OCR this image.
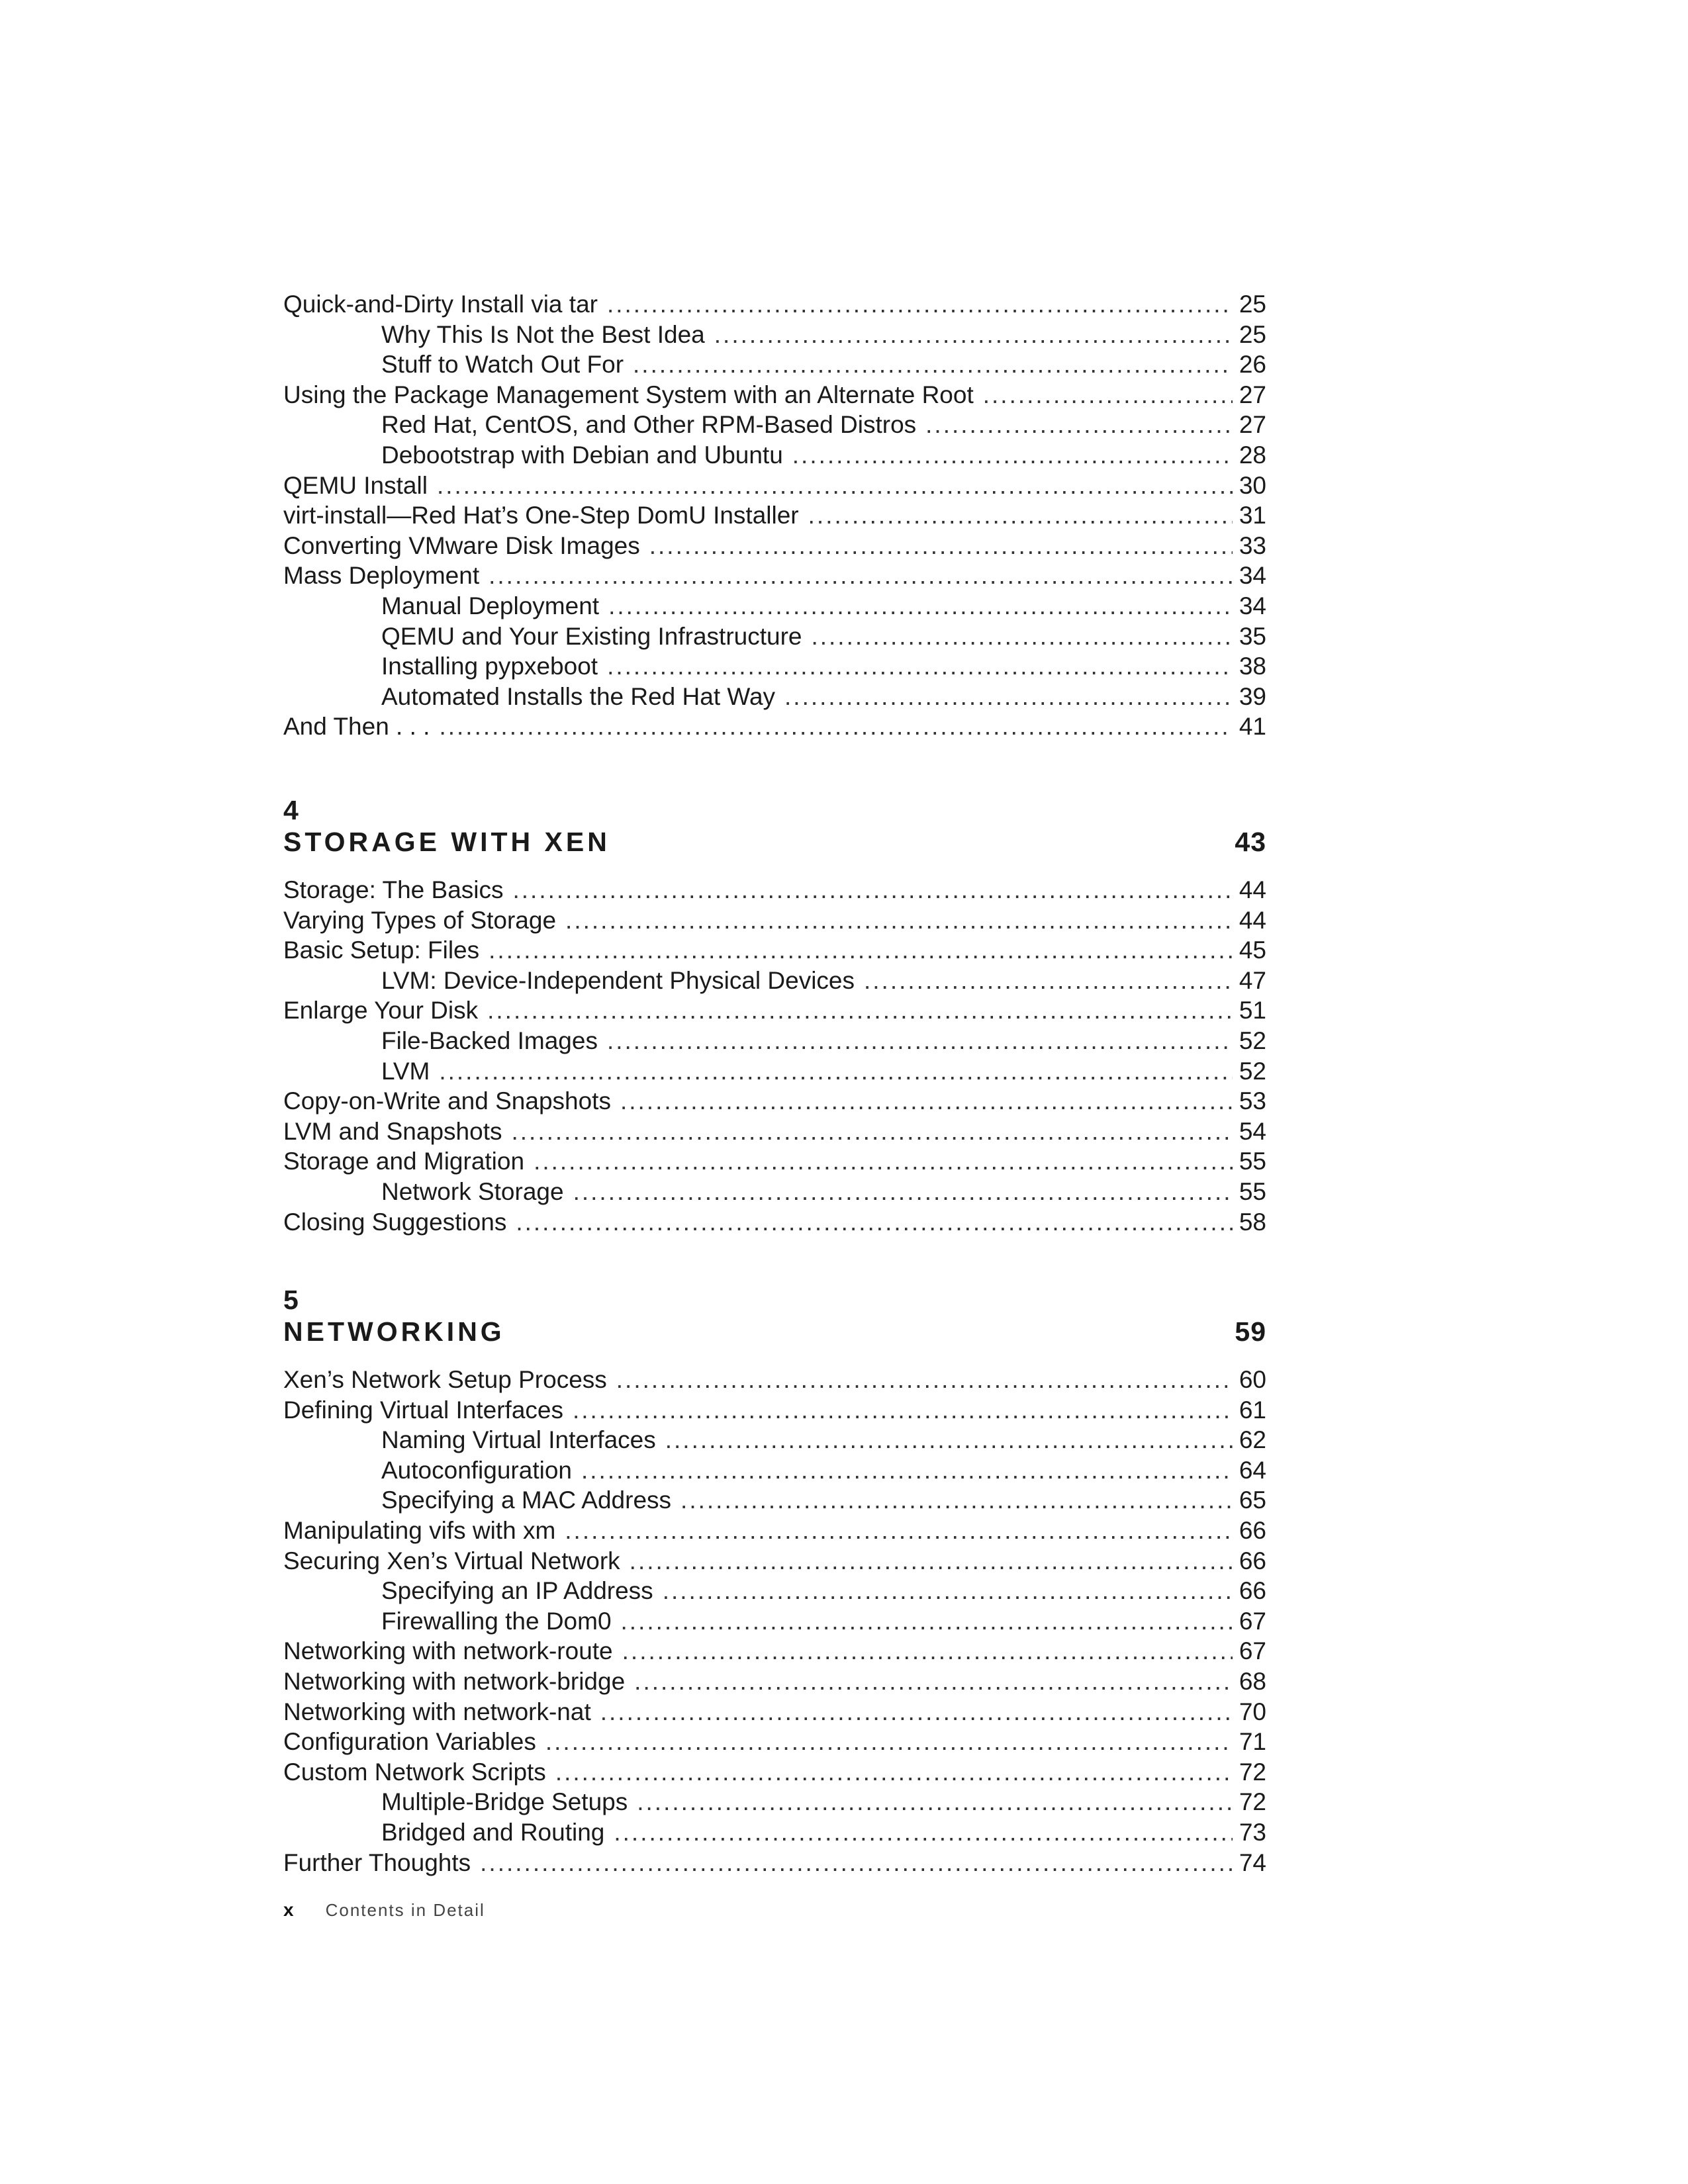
Quick-and-Dirty Install via tar .....	25
Why This Is Not the Best Idea .....	25
Stuff to Watch Out For .....	26
Using the Package Management System with an Alternate Root .....	27
Red Hat, CentOS, and Other RPM-Based Distros .....	27
Debootstrap with Debian and Ubuntu .....	28
QEMU Install .....	30
virt-install—Red Hat’s One-Step DomU Installer .....	31
Converting VMware Disk Images .....	33
Mass Deployment .....	34
Manual Deployment .....	34
QEMU and Your Existing Infrastructure .....	35
Installing pypxeboot .....	38
Automated Installs the Red Hat Way .....	39
And Then . . . .....	41
4
STORAGE WITH XEN	43
Storage: The Basics .....	44
Varying Types of Storage .....	44
Basic Setup: Files .....	45
LVM: Device-Independent Physical Devices .....	47
Enlarge Your Disk .....	51
File-Backed Images .....	52
LVM .....	52
Copy-on-Write and Snapshots .....	53
LVM and Snapshots .....	54
Storage and Migration .....	55
Network Storage .....	55
Closing Suggestions .....	58
5
NETWORKING	59
Xen’s Network Setup Process .....	60
Defining Virtual Interfaces .....	61
Naming Virtual Interfaces .....	62
Autoconfiguration .....	64
Specifying a MAC Address .....	65
Manipulating vifs with xm .....	66
Securing Xen’s Virtual Network .....	66
Specifying an IP Address .....	66
Firewalling the Dom0 .....	67
Networking with network-route .....	67
Networking with network-bridge .....	68
Networking with network-nat .....	70
Configuration Variables .....	71
Custom Network Scripts .....	72
Multiple-Bridge Setups .....	72
Bridged and Routing .....	73
Further Thoughts .....	74
x Contents in Detail
